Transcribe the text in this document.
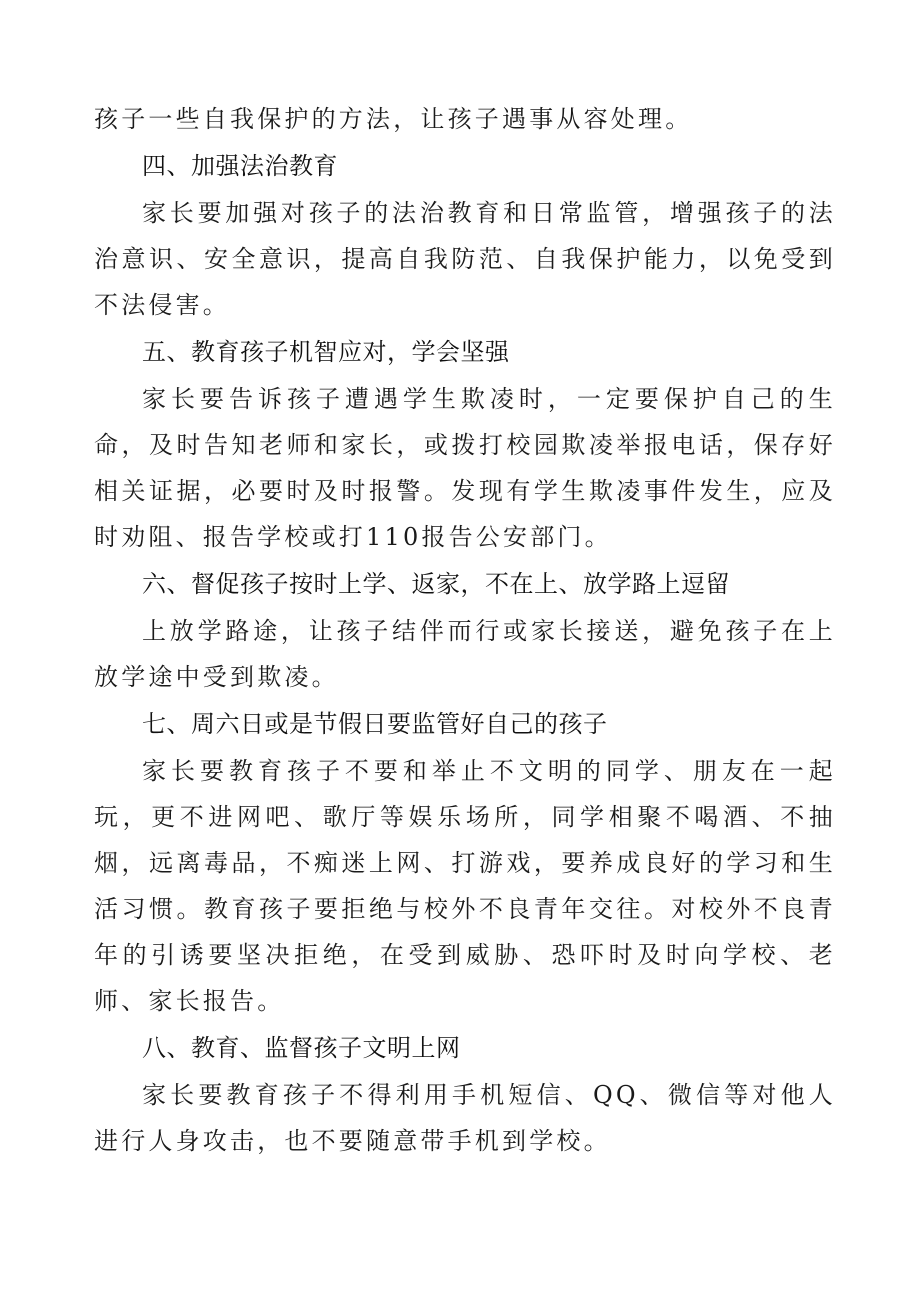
孩子一些自我保护的方法，让孩子遇事从容处理。

四、加强法治教育

家长要加强对孩子的法治教育和日常监管，增强孩子的法治意识、安全意识，提高自我防范、自我保护能力，以免受到不法侵害。

五、教育孩子机智应对，学会坚强

家长要告诉孩子遭遇学生欺凌时，一定要保护自己的生命，及时告知老师和家长，或拨打校园欺凌举报电话，保存好相关证据，必要时及时报警。发现有学生欺凌事件发生，应及时劝阻、报告学校或打110报告公安部门。

六、督促孩子按时上学、返家，不在上、放学路上逗留

上放学路途，让孩子结伴而行或家长接送，避免孩子在上放学途中受到欺凌。

七、周六日或是节假日要监管好自己的孩子

家长要教育孩子不要和举止不文明的同学、朋友在一起玩，更不进网吧、歌厅等娱乐场所，同学相聚不喝酒、不抽烟，远离毒品，不痴迷上网、打游戏，要养成良好的学习和生活习惯。教育孩子要拒绝与校外不良青年交往。对校外不良青年的引诱要坚决拒绝，在受到威胁、恐吓时及时向学校、老师、家长报告。

八、教育、监督孩子文明上网

家长要教育孩子不得利用手机短信、QQ、微信等对他人进行人身攻击，也不要随意带手机到学校。
